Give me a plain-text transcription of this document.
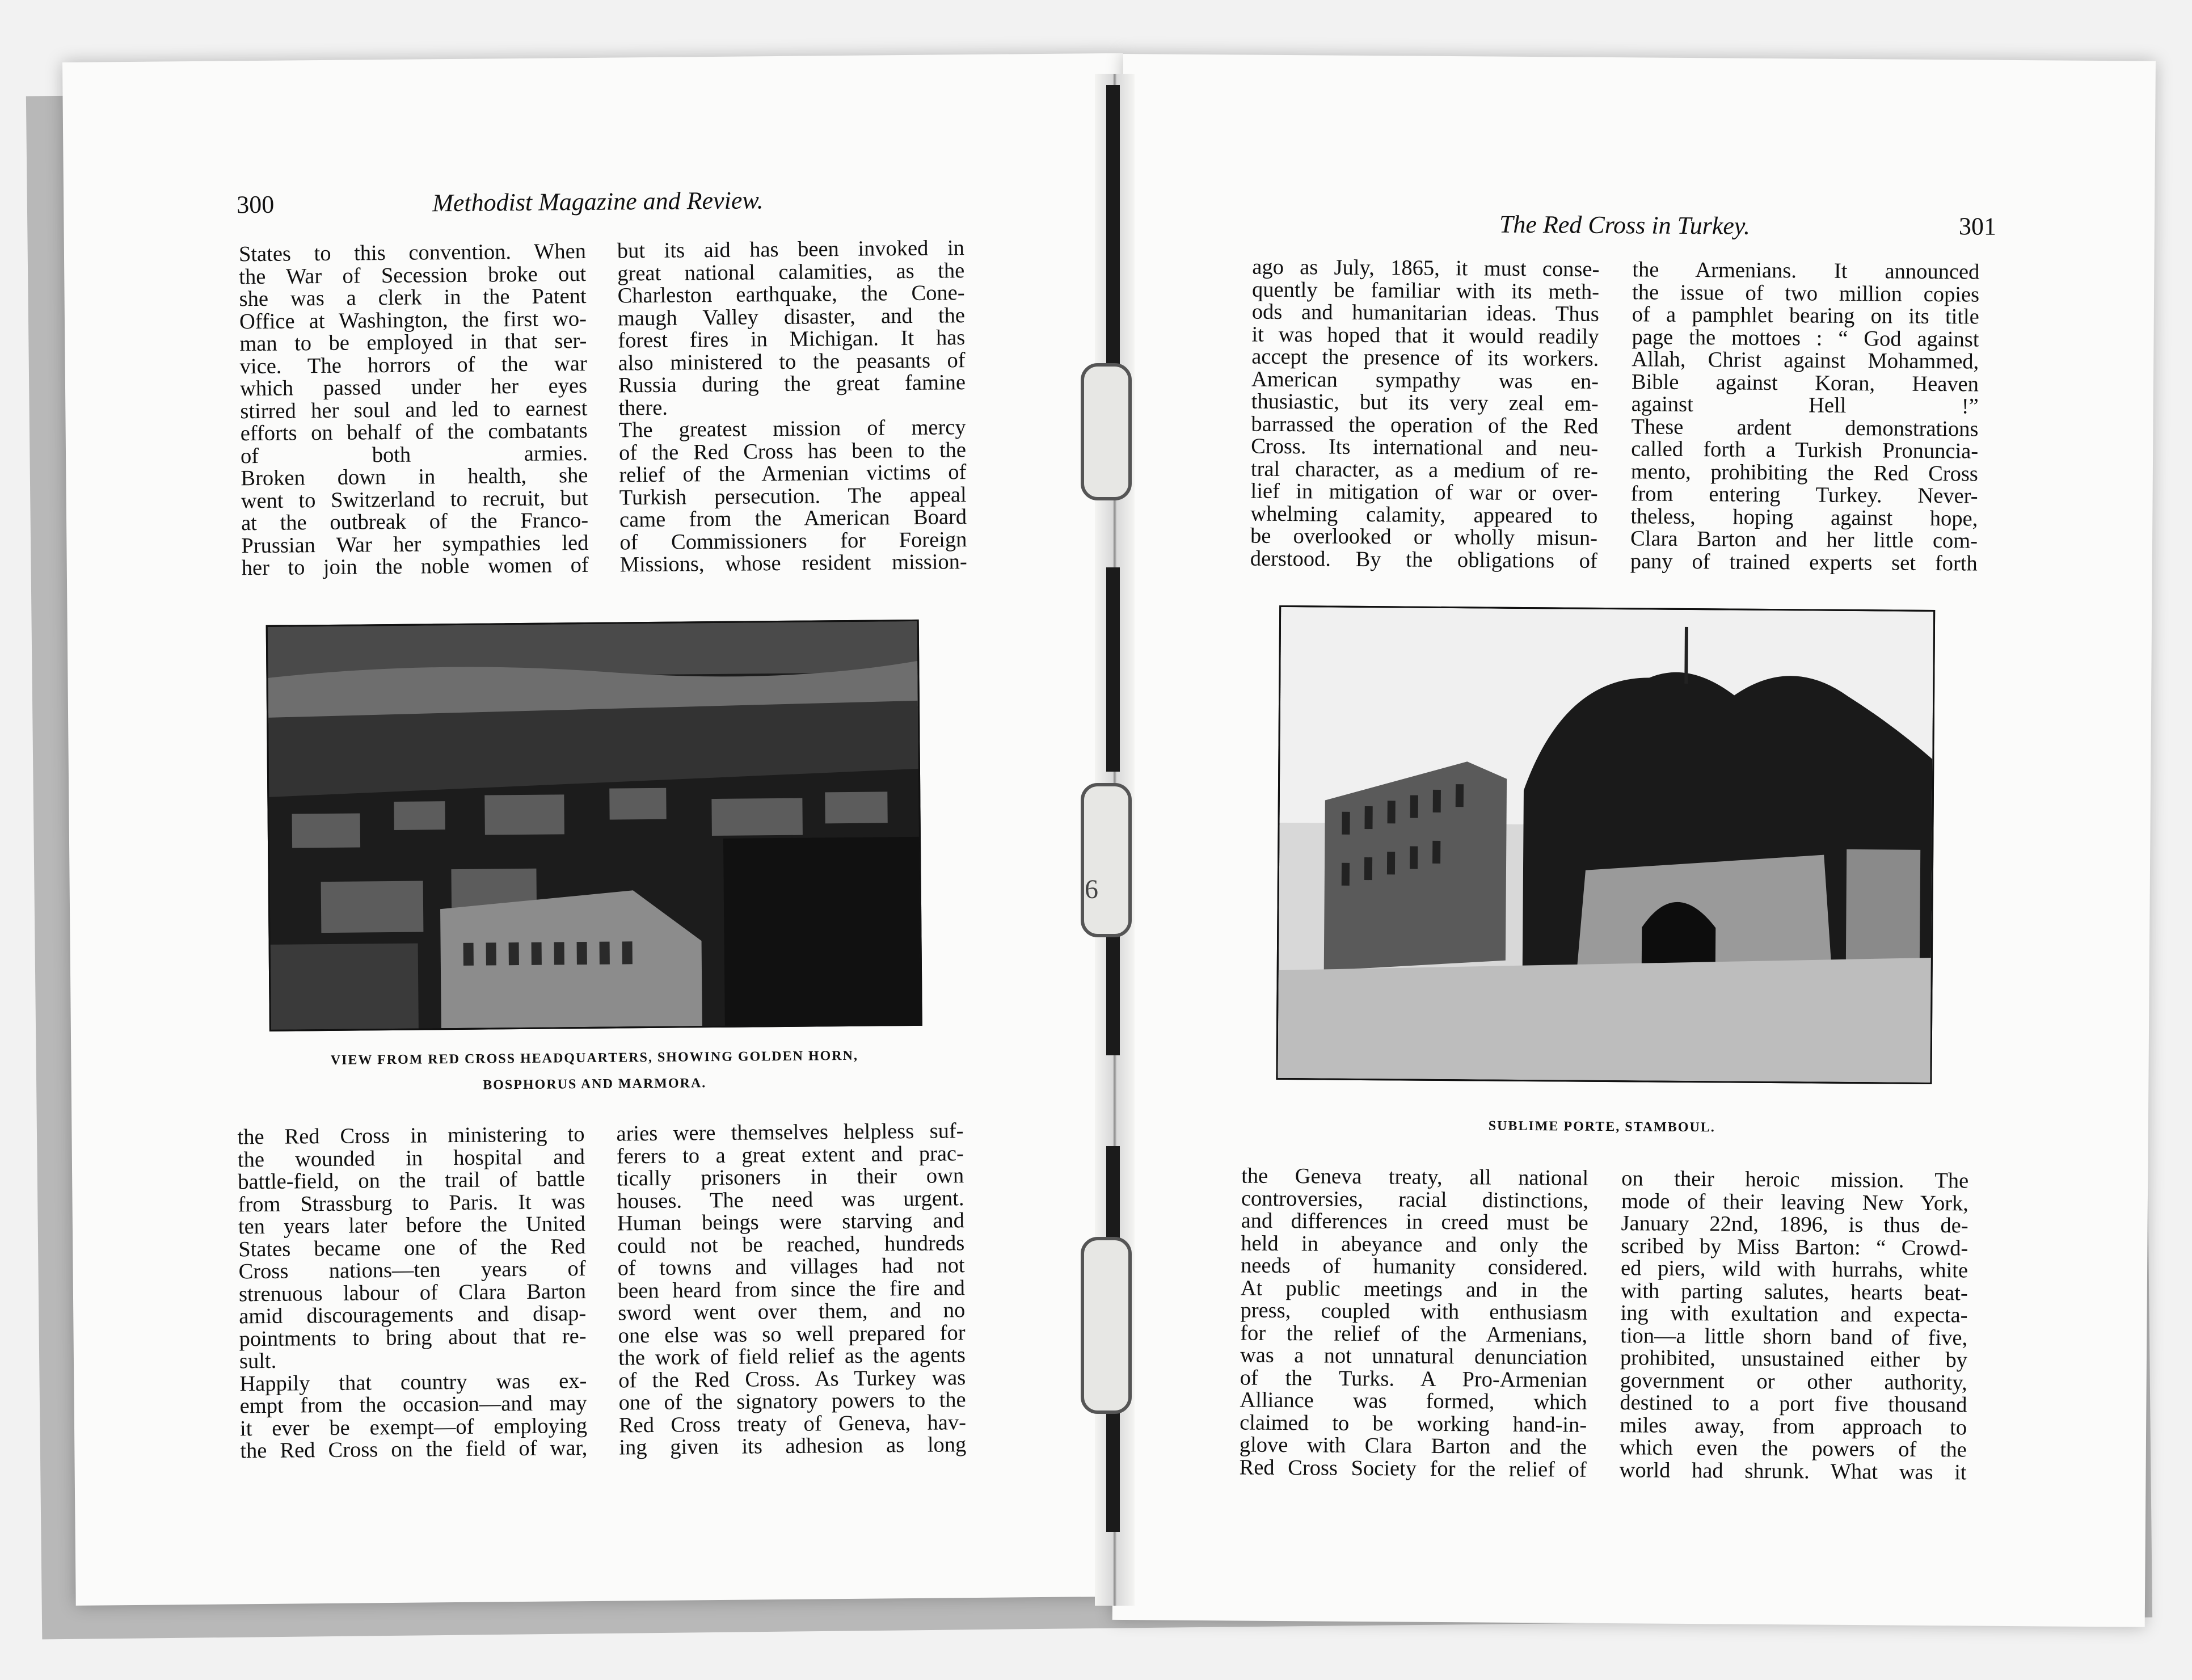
300	Methodist Magazine and Review.
States to this convention. When
the War of Secession broke out
she was a clerk in the Patent
Office at Washington, the first wo-
man to be employed in that ser-
vice. The horrors of the war
which passed under her eyes
stirred her soul and led to earnest
efforts on behalf of the combatants
of both armies.
Broken down in health, she
went to Switzerland to recruit, but
at the outbreak of the Franco-
Prussian War her sympathies led
her to join the noble women of
but its aid has been invoked in
great national calamities, as the
Charleston earthquake, the Cone-
maugh Valley disaster, and the
forest fires in Michigan. It has
also ministered to the peasants of
Russia during the great famine
there.
The greatest mission of mercy
of the Red Cross has been to the
relief of the Armenian victims of
Turkish persecution. The appeal
came from the American Board
of Commissioners for Foreign
Missions, whose resident mission-
VIEW FROM RED CROSS HEADQUARTERS, SHOWING GOLDEN HORN,
BOSPHORUS AND MARMORA.
the Red Cross in ministering to
the wounded in hospital and
battle-field, on the trail of battle
from Strassburg to Paris. It was
ten years later before the United
States became one of the Red
Cross nations—ten years of
strenuous labour of Clara Barton
amid discouragements and disap-
pointments to bring about that re-
sult.
Happily that country was ex-
empt from the occasion—and may
it ever be exempt—of employing
the Red Cross on the field of war,
aries were themselves helpless suf-
ferers to a great extent and prac-
tically prisoners in their own
houses. The need was urgent.
Human beings were starving and
could not be reached, hundreds
of towns and villages had not
been heard from since the fire and
sword went over them, and no
one else was so well prepared for
the work of field relief as the agents
of the Red Cross. As Turkey was
one of the signatory powers to the
Red Cross treaty of Geneva, hav-
ing given its adhesion as long
The Red Cross in Turkey.	301
ago as July, 1865, it must conse-
quently be familiar with its meth-
ods and humanitarian ideas. Thus
it was hoped that it would readily
accept the presence of its workers.
American sympathy was en-
thusiastic, but its very zeal em-
barrassed the operation of the Red
Cross. Its international and neu-
tral character, as a medium of re-
lief in mitigation of war or over-
whelming calamity, appeared to
be overlooked or wholly misun-
derstood. By the obligations of
the Armenians. It announced
the issue of two million copies
of a pamphlet bearing on its title
page the mottoes : “ God against
Allah, Christ against Mohammed,
Bible against Koran, Heaven
against Hell !”
These ardent demonstrations
called forth a Turkish Pronuncia-
mento, prohibiting the Red Cross
from entering Turkey. Never-
theless, hoping against hope,
Clara Barton and her little com-
pany of trained experts set forth
SUBLIME PORTE, STAMBOUL.
the Geneva treaty, all national
controversies, racial distinctions,
and differences in creed must be
held in abeyance and only the
needs of humanity considered.
At public meetings and in the
press, coupled with enthusiasm
for the relief of the Armenians,
was a not unnatural denunciation
of the Turks. A Pro-Armenian
Alliance was formed, which
claimed to be working hand-in-
glove with Clara Barton and the
Red Cross Society for the relief of
on their heroic mission. The
mode of their leaving New York,
January 22nd, 1896, is thus de-
scribed by Miss Barton: “ Crowd-
ed piers, wild with hurrahs, white
with parting salutes, hearts beat-
ing with exultation and expecta-
tion—a little shorn band of five,
prohibited, unsustained either by
government or other authority,
destined to a port five thousand
miles away, from approach to
which even the powers of the
world had shrunk. What was it
6
